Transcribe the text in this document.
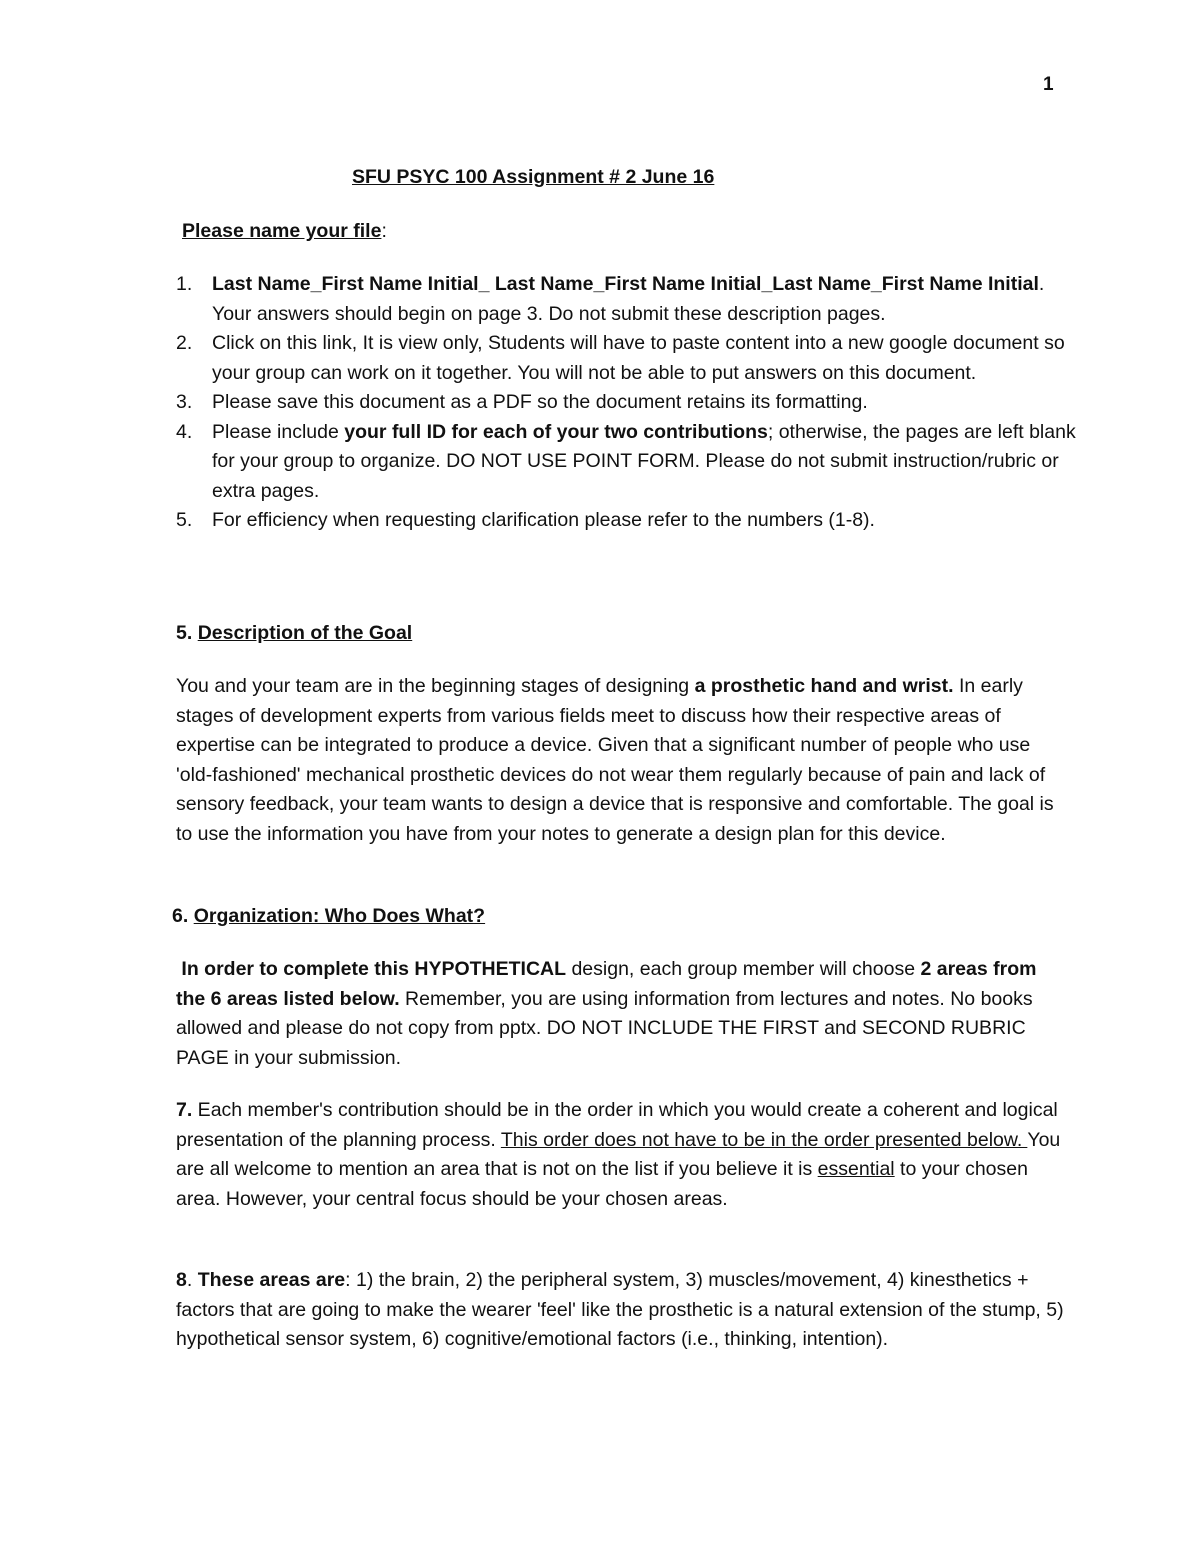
1
SFU PSYC 100 Assignment # 2 June 16
Please name your file:
1. Last Name_First Name Initial_ Last Name_First Name Initial_Last Name_First Name Initial. Your answers should begin on page 3. Do not submit these description pages.
2. Click on this link, It is view only, Students will have to paste content into a new google document so your group can work on it together. You will not be able to put answers on this document.
3. Please save this document as a PDF so the document retains its formatting.
4. Please include your full ID for each of your two contributions; otherwise, the pages are left blank for your group to organize. DO NOT USE POINT FORM. Please do not submit instruction/rubric or extra pages.
5. For efficiency when requesting clarification please refer to the numbers (1-8).
5. Description of the Goal

You and your team are in the beginning stages of designing a prosthetic hand and wrist. In early stages of development experts from various fields meet to discuss how their respective areas of expertise can be integrated to produce a device. Given that a significant number of people who use 'old-fashioned' mechanical prosthetic devices do not wear them regularly because of pain and lack of sensory feedback, your team wants to design a device that is responsive and comfortable. The goal is to use the information you have from your notes to generate a design plan for this device.

6. Organization: Who Does What?

In order to complete this HYPOTHETICAL design, each group member will choose 2 areas from the 6 areas listed below. Remember, you are using information from lectures and notes. No books allowed and please do not copy from pptx. DO NOT INCLUDE THE FIRST and SECOND RUBRIC PAGE in your submission.

7. Each member's contribution should be in the order in which you would create a coherent and logical presentation of the planning process. This order does not have to be in the order presented below. You are all welcome to mention an area that is not on the list if you believe it is essential to your chosen area. However, your central focus should be your chosen areas.

8. These areas are: 1) the brain, 2) the peripheral system, 3) muscles/movement, 4) kinesthetics + factors that are going to make the wearer 'feel' like the prosthetic is a natural extension of the stump, 5) hypothetical sensor system, 6) cognitive/emotional factors (i.e., thinking, intention).
